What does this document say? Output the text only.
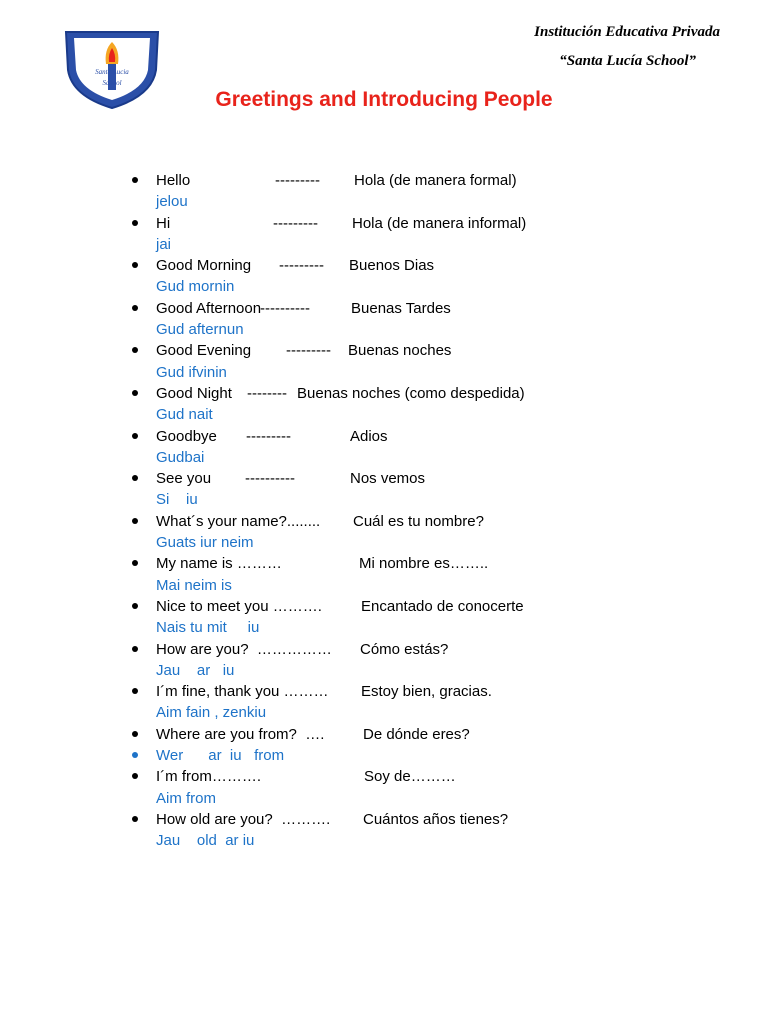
Santa Lucia
School
Institución Educativa Privada
“Santa Lucía School”
Greetings and Introducing People
Hello	--------- Hola (de manera formal)
jelou
Hi	--------- Hola (de manera informal)
jai
Good Morning --------- Buenos Dias
Gud mornin
Good Afternoon
----------	Buenas Tardes
Gud afternun
Good Evening --------- Buenas noches
Gud ifvinin
Good Night -------- Buenas noches (como despedida)
Gud nait
Goodbye ---------	Adios
Gudbai
See you ----------	Nos vemos
Si    iu
What´s your name?........ Cuál es tu nombre?
Guats iur neim
My name is ………	Mi nombre es……..
Mai neim is
Nice to meet you ……….	Encantado de conocerte
Nais tu mit     iu
How are you?  …………… Cómo estás?
Jau    ar   iu
I´m fine, thank you ……… Estoy bien, gracias.
Aim fain , zenkiu
Where are you from?  ….	De dónde eres?
Wer      ar  iu   from
I´m from……….	Soy de………
Aim from
How old are you?  ………. Cuántos años tienes?
Jau    old  ar iu
